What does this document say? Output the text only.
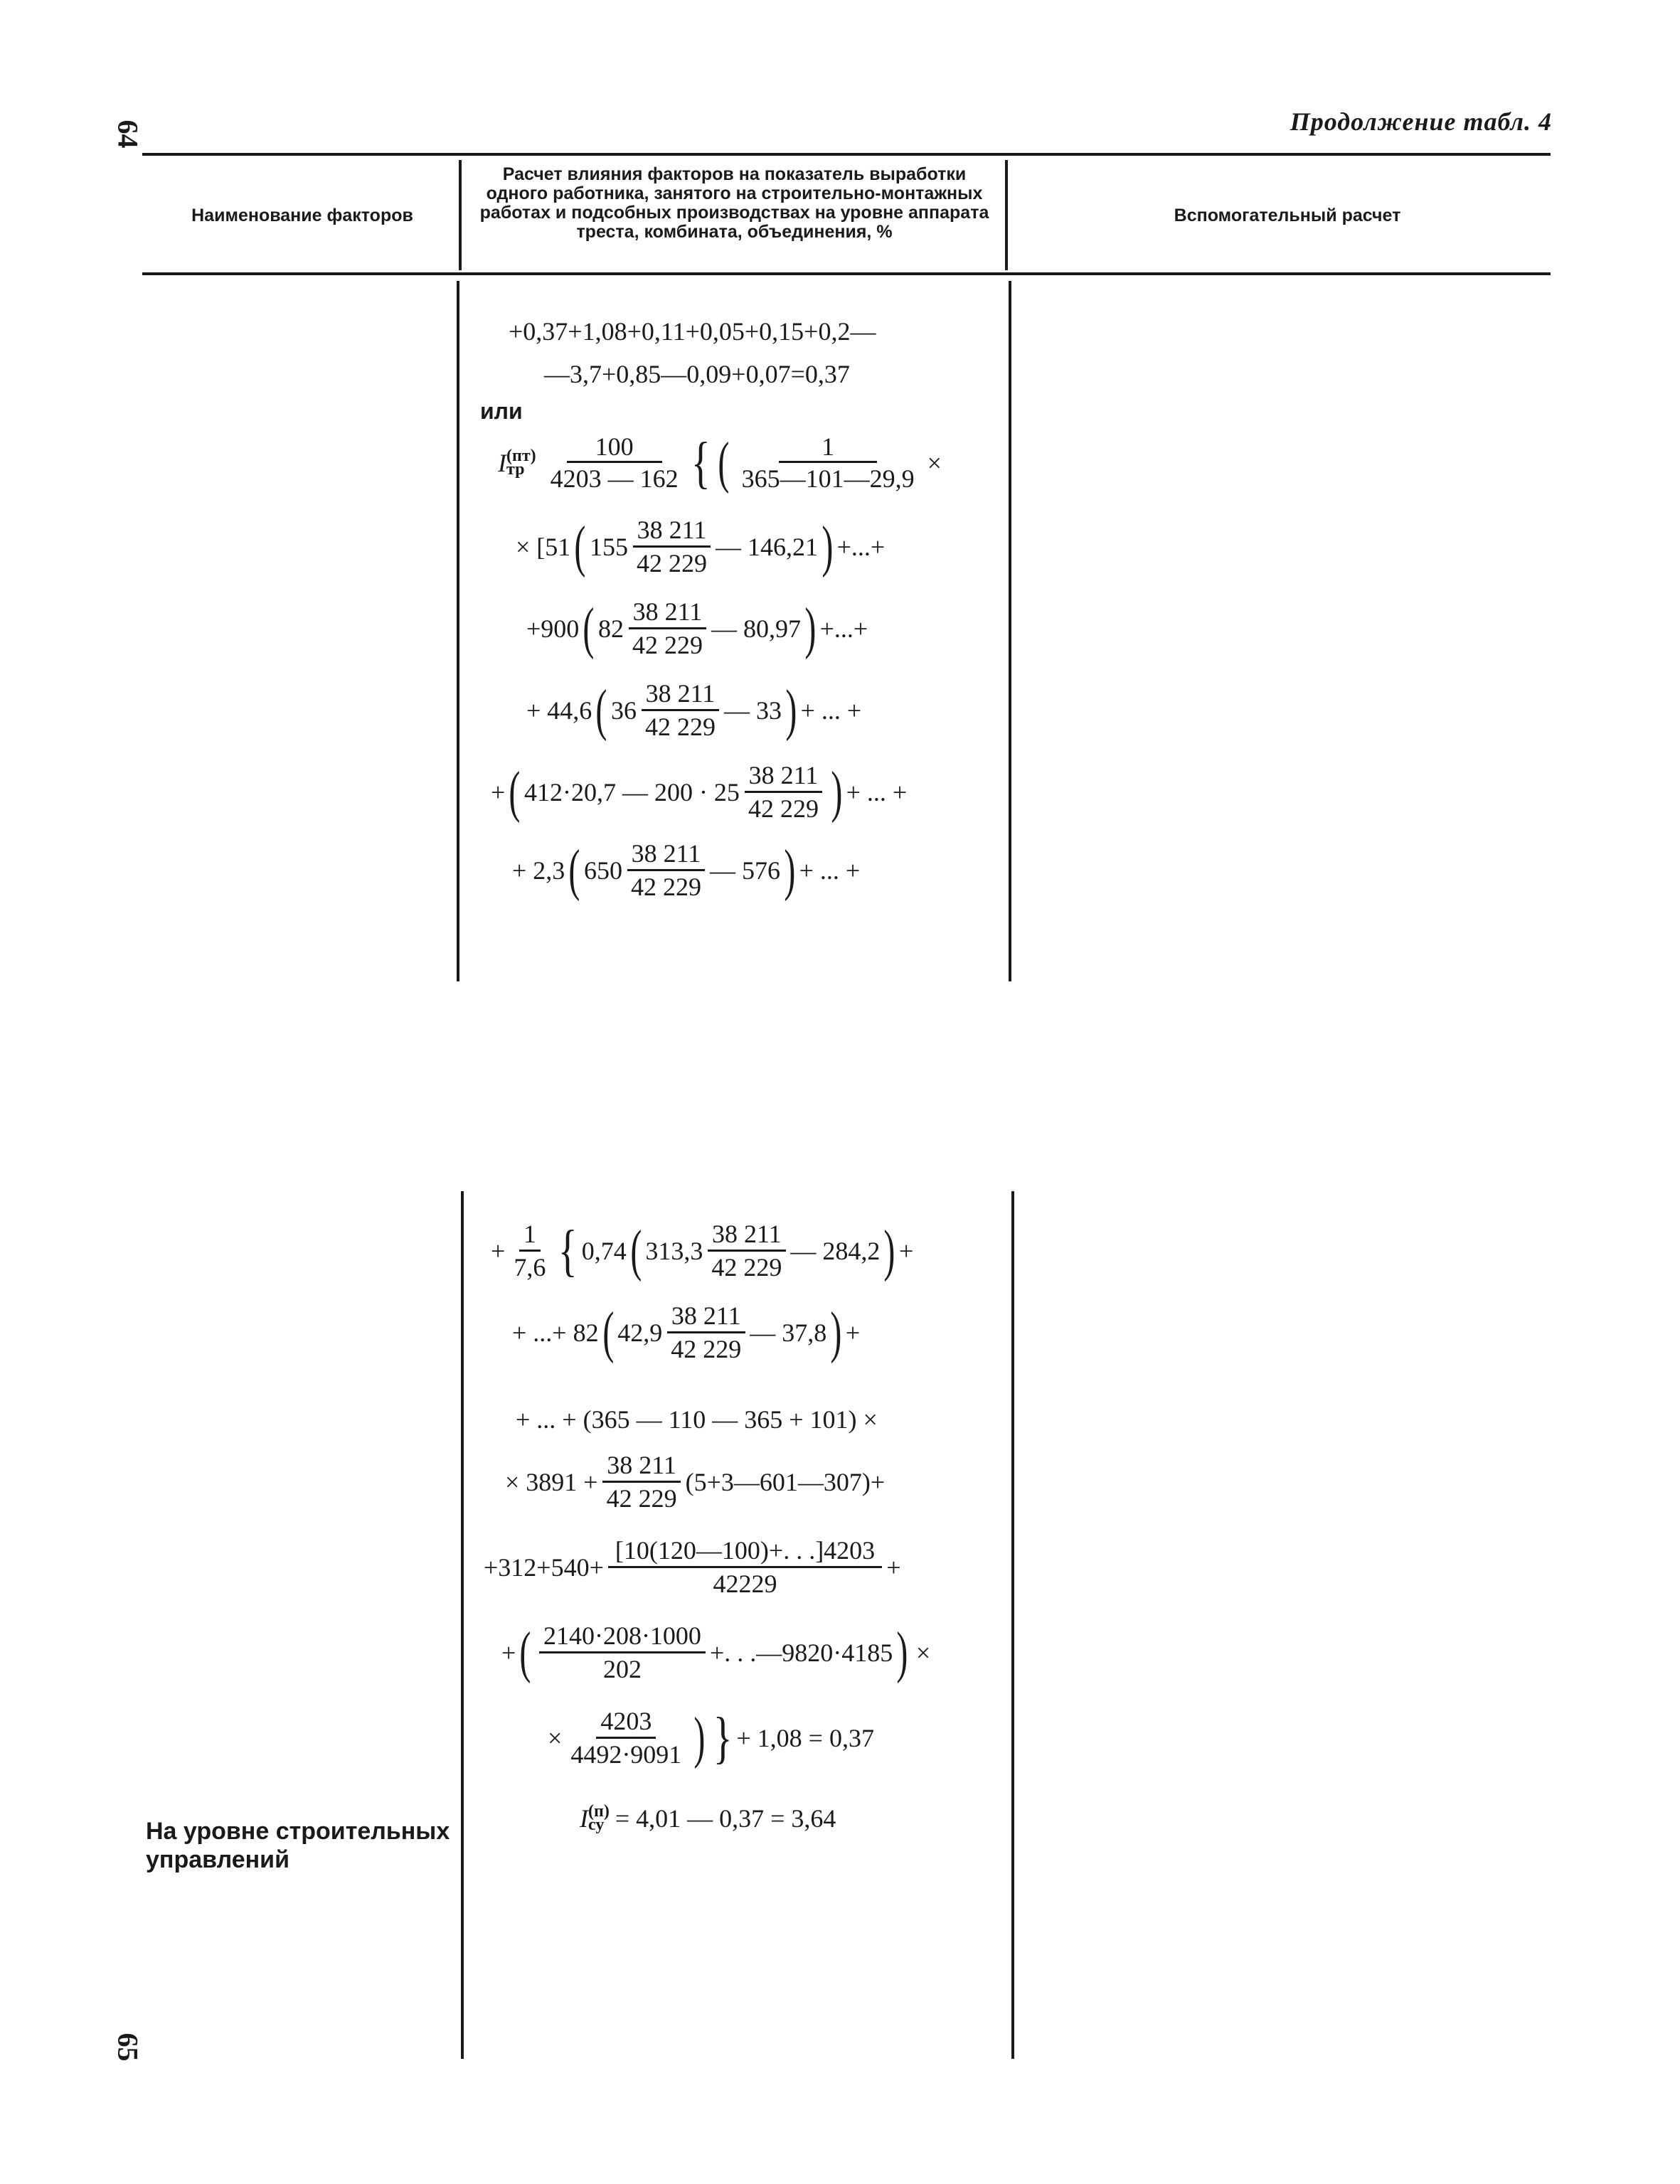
64
65
Продолжение табл. 4
Наименование факторов
Расчет влияния факторов на показатель выработки одного работника, занятого на строительно-монтажных работах и подсобных производствах на уровне аппарата треста, комбината, объединения, %
Вспомогательный расчет
+0,37+1,08+0,11+0,05+0,15+0,2—
—3,7+0,85—0,09+0,07=0,37
или
I (пт)
тр $\frac{100}{4203 — 162}$ { ( $\frac{1}{365—101—29,9}$ ×
× [51 ( $155 \frac{38 211}{42 229}$ — 146,21 ) +...+
+900 ( $82 \frac{38 211}{42 229}$ — 80,97 ) +...+
+ 44,6 ( $36 \frac{38 211}{42 229}$ — 33 ) + ... +
+ ( 412·20,7 — $200 \cdot 25 \frac{38 211}{42 229}$ ) + ... +
+ 2,3 ( $650 \frac{38 211}{42 229}$ — 576 ) + ... +
+ $\frac{1}{7,6}$ { 0,74 ( $313,3 \frac{38 211}{42 229}$ — 284,2 ) +
+ ...+ 82 ( $42,9 \frac{38 211}{42 229}$ — 37,8 ) +
+ ... + (365 — 110 — 365 + 101) ×
× $3891 + \frac{38 211}{42 229}$ (5+3—601—307)+
$+312+540+ \frac{[10(120—100)+. . .]4203}{42229}$ +
+ ( $\frac{2140\cdot 208\cdot 1000}{202}$ +. . .—9820·4185 ) ×
× $\frac{4203}{4492\cdot 9091}$ ) } + 1,08 = 0,37
I (п)
су = 4,01 — 0,37 = 3,64
На уровне строительных управлений
